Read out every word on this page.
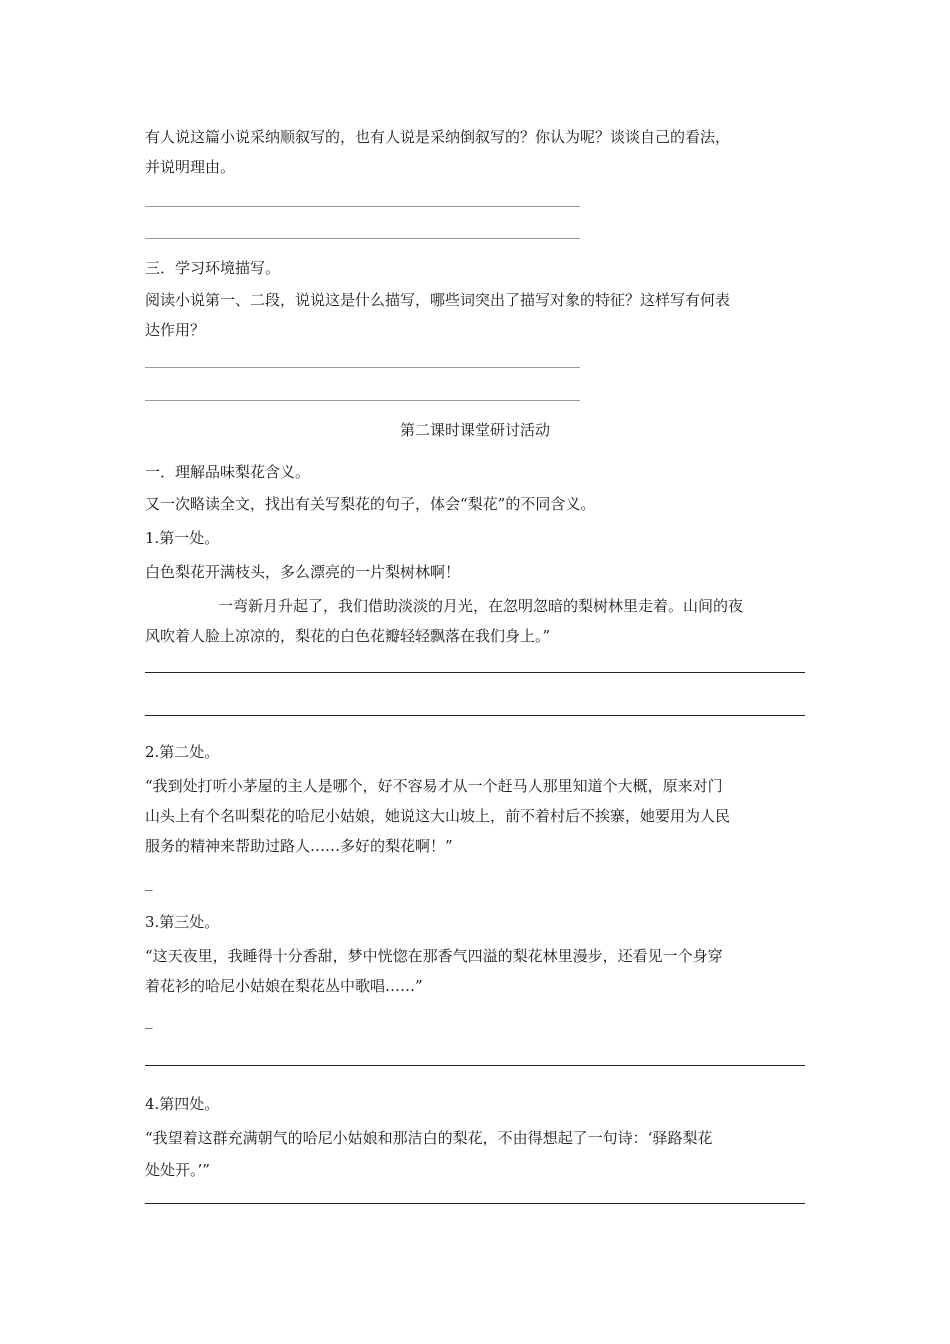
有人说这篇小说采纳顺叙写的，也有人说是采纳倒叙写的？你认为呢？谈谈自己的看法，

并说明理由。

三．学习环境描写。

阅读小说第一、二段，说说这是什么描写，哪些词突出了描写对象的特征？这样写有何表

达作用？

第二课时课堂研讨活动

一．理解品味梨花含义。

又一次略读全文，找出有关写梨花的句子，体会“梨花”的不同含义。

1.第一处。

白色梨花开满枝头，多么漂亮的一片梨树林啊！

一弯新月升起了，我们借助淡淡的月光，在忽明忽暗的梨树林里走着。山间的夜

风吹着人脸上凉凉的，梨花的白色花瓣轻轻飘落在我们身上。”

2.第二处。

“我到处打听小茅屋的主人是哪个，好不容易才从一个赶马人那里知道个大概，原来对门

山头上有个名叫梨花的哈尼小姑娘，她说这大山坡上，前不着村后不挨寨，她要用为人民

服务的精神来帮助过路人……多好的梨花啊！”

_

3.第三处。

“这天夜里，我睡得十分香甜，梦中恍惚在那香气四溢的梨花林里漫步，还看见一个身穿

着花衫的哈尼小姑娘在梨花丛中歌唱……”

_

4.第四处。

“我望着这群充满朝气的哈尼小姑娘和那洁白的梨花，不由得想起了一句诗：‘驿路梨花

处处开。’”
